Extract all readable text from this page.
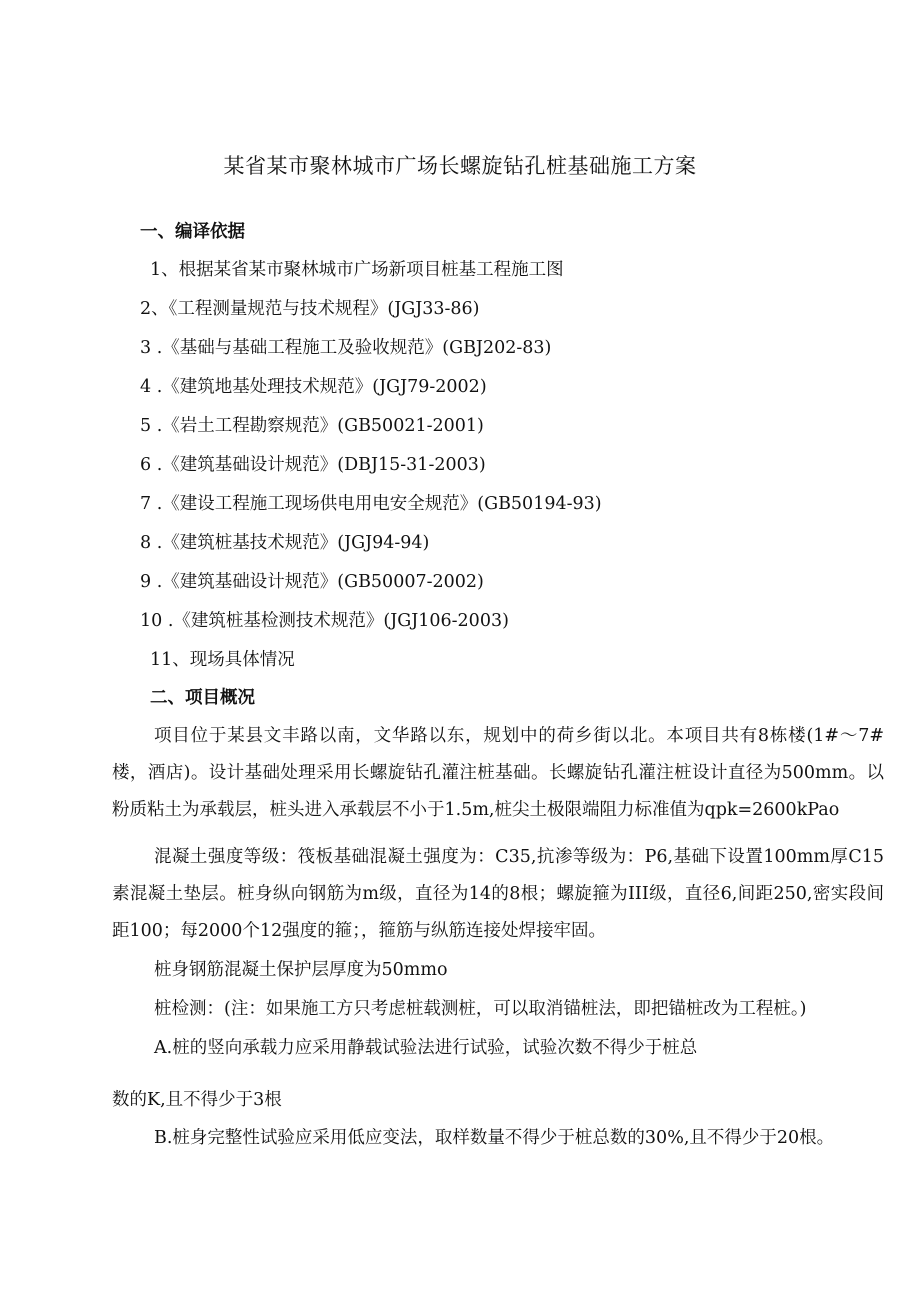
某省某市聚林城市广场长螺旋钻孔桩基础施工方案
一、编译依据
1、根据某省某市聚林城市广场新项目桩基工程施工图
2、《工程测量规范与技术规程》(JGJ33-86)
3 .《基础与基础工程施工及验收规范》(GBJ202-83)
4 .《建筑地基处理技术规范》(JGJ79-2002)
5 .《岩土工程勘察规范》(GB50021-2001)
6 .《建筑基础设计规范》(DBJ15-31-2003)
7 .《建设工程施工现场供电用电安全规范》(GB50194-93)
8 .《建筑桩基技术规范》(JGJ94-94)
9 .《建筑基础设计规范》(GB50007-2002)
10 .《建筑桩基检测技术规范》(JGJ106-2003)
11、现场具体情况
二、项目概况
项目位于某县文丰路以南，文华路以东，规划中的荷乡街以北。本项目共有8栋楼(1#〜7#楼，酒店)。设计基础处理采用长螺旋钻孔灌注桩基础。长螺旋钻孔灌注桩设计直径为500mm。以粉质粘土为承载层，桩头进入承载层不小于1.5m,桩尖土极限端阻力标准值为qpk=2600kPao
混凝土强度等级：筏板基础混凝土强度为：C35,抗渗等级为：P6,基础下设置100mm厚C15素混凝土垫层。桩身纵向钢筋为m级，直径为14的8根；螺旋箍为III级，直径6,间距250,密实段间距100；每2000个12强度的箍；，箍筋与纵筋连接处焊接牢固。
桩身钢筋混凝土保护层厚度为50mmo
桩检测：(注：如果施工方只考虑桩载测桩，可以取消锚桩法，即把锚桩改为工程桩。)
A.桩的竖向承载力应采用静载试验法进行试验，试验次数不得少于桩总
数的K,且不得少于3根
B.桩身完整性试验应采用低应变法，取样数量不得少于桩总数的30%,且不得少于20根。
